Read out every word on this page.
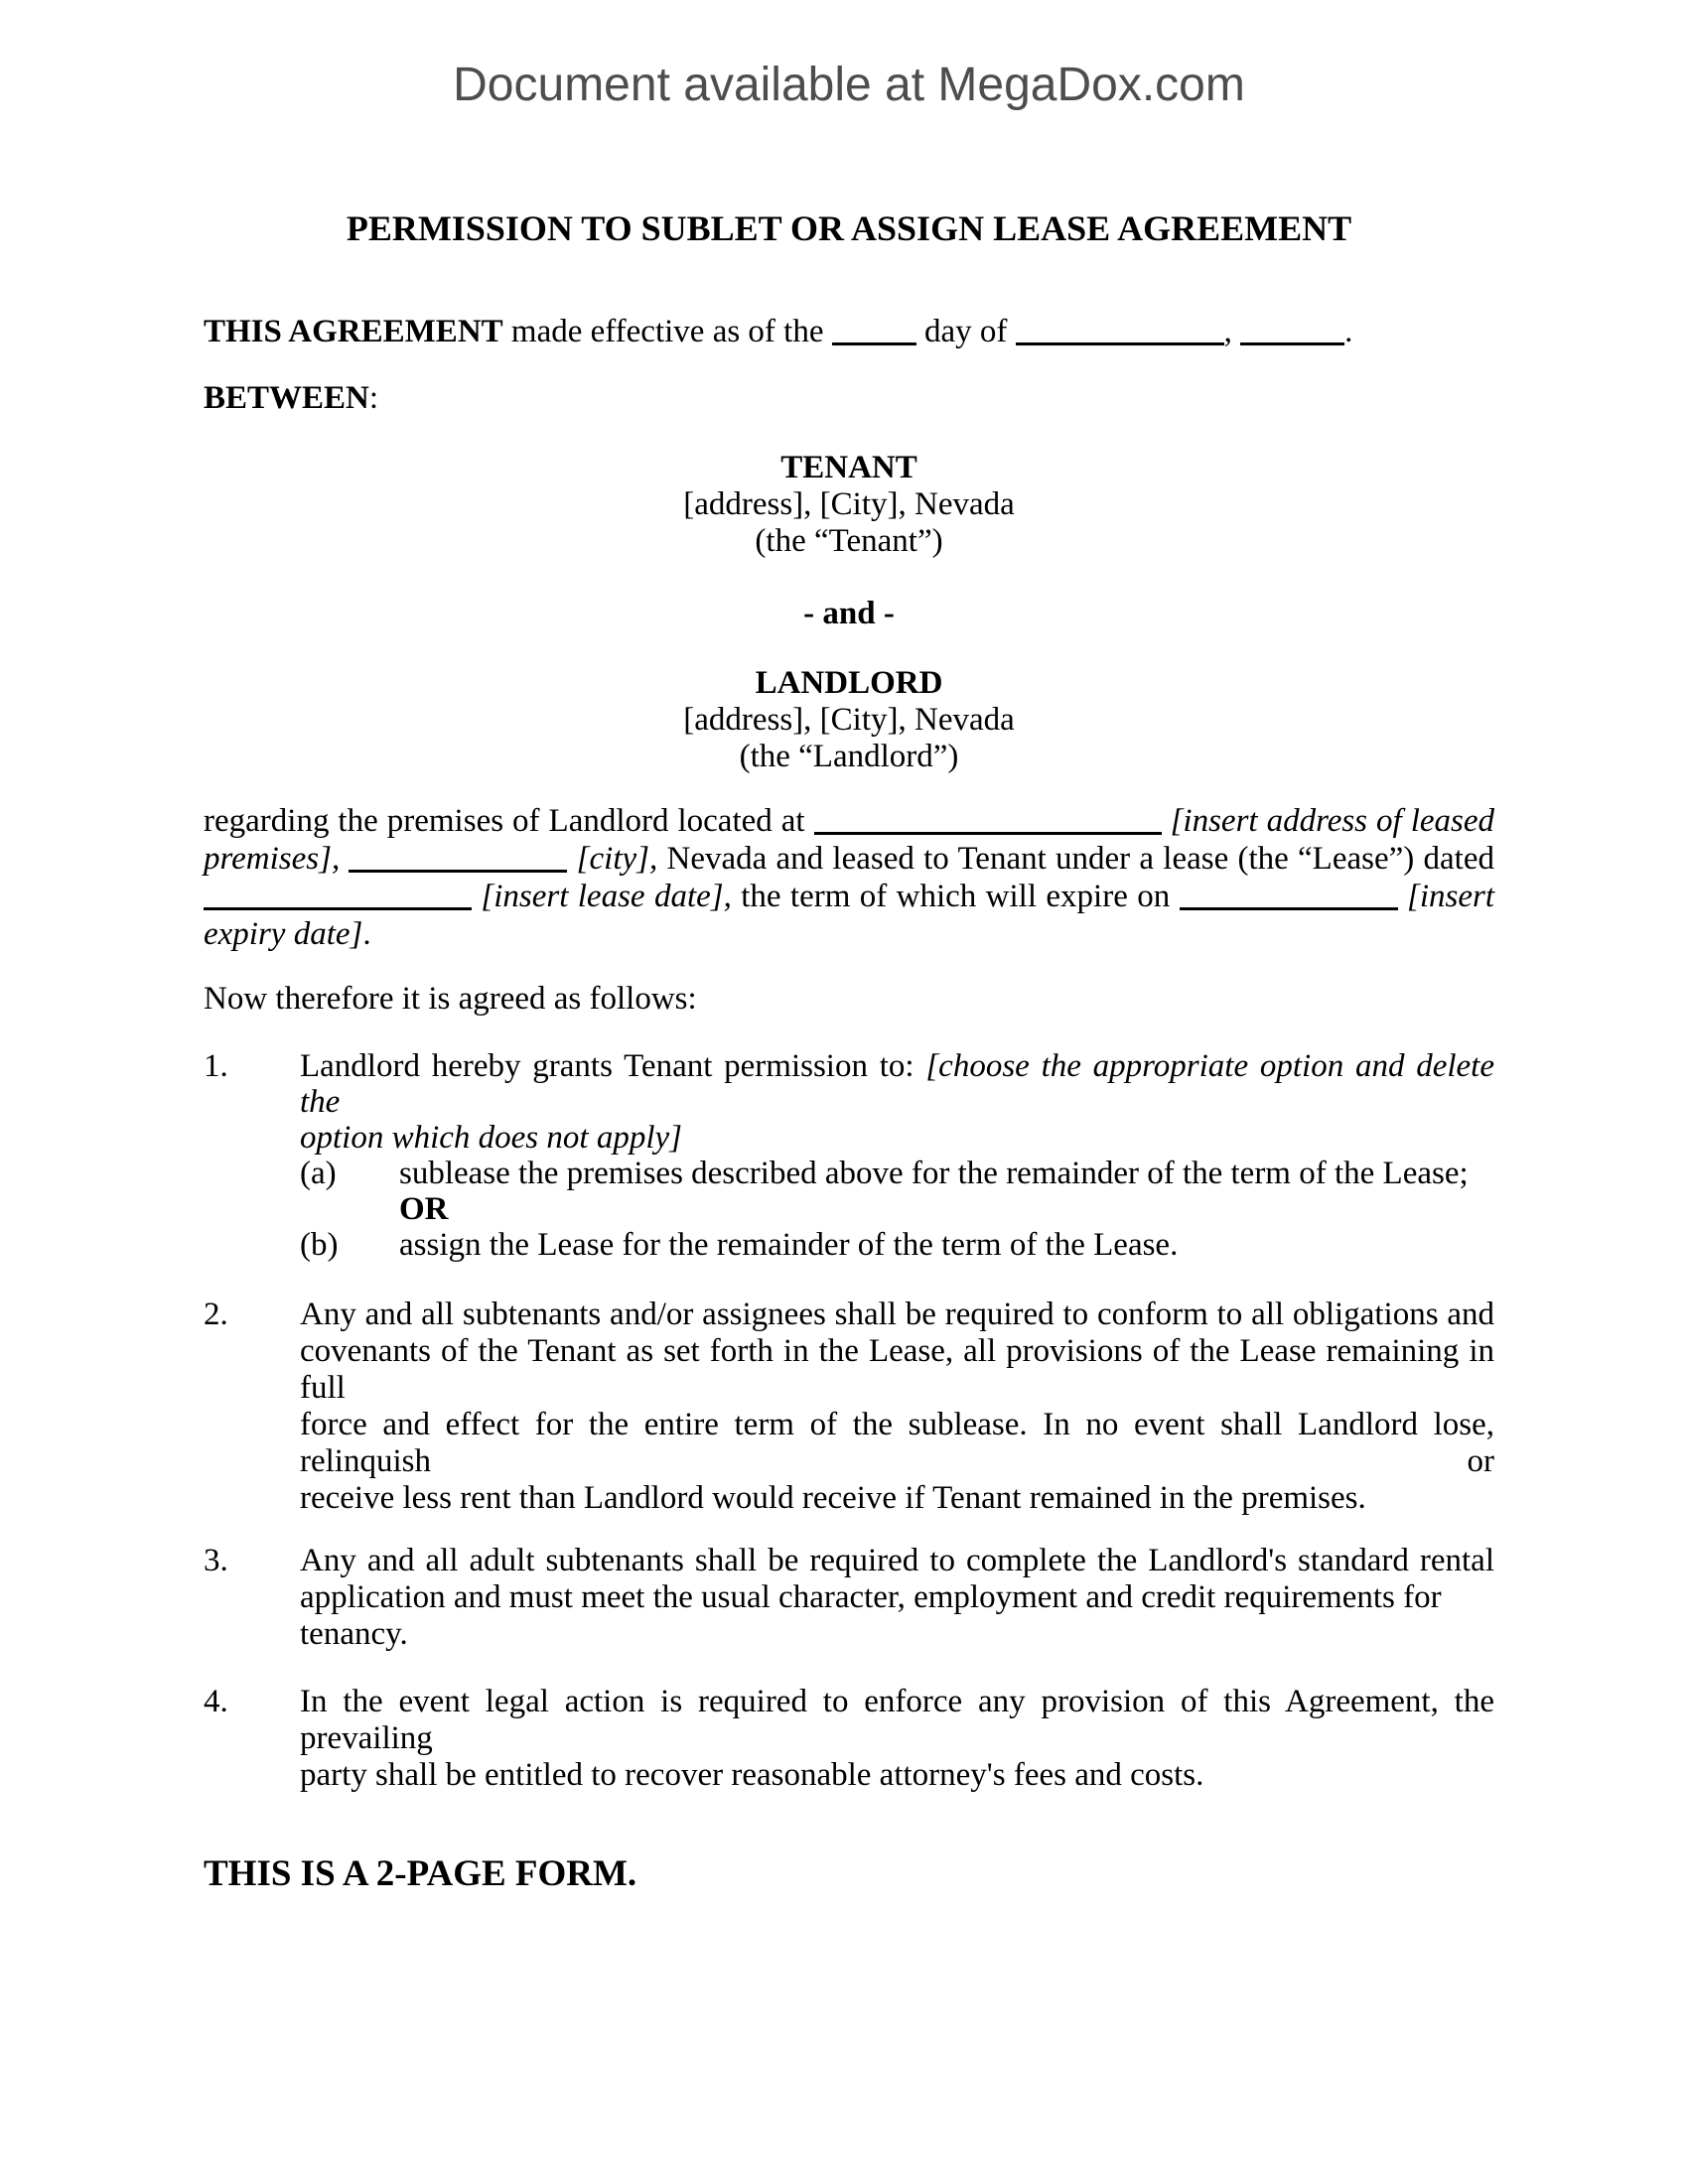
Document available at MegaDox.com
PERMISSION TO SUBLET OR ASSIGN LEASE AGREEMENT
THIS AGREEMENT made effective as of the	day of	,	.
BETWEEN:
TENANT
[address], [City], Nevada
(the “Tenant”)
- and -
LANDLORD
[address], [City], Nevada
(the “Landlord”)
regarding the premises of Landlord located at	[insert address of leased
premises],	[city], Nevada and leased to Tenant under a lease (the “Lease”) dated
[insert lease date], the term of which will expire on	[insert
expiry date].
Now therefore it is agreed as follows:
1.	Landlord hereby grants Tenant permission to: [choose the appropriate option and delete the
option which does not apply]
(a)	sublease the premises described above for the remainder of the term of the Lease; OR
(b)	assign the Lease for the remainder of the term of the Lease.
2.	Any and all subtenants and/or assignees shall be required to conform to all obligations and
covenants of the Tenant as set forth in the Lease, all provisions of the Lease remaining in full
force and effect for the entire term of the sublease. In no event shall Landlord lose, relinquish or
receive less rent than Landlord would receive if Tenant remained in the premises.
3.	Any and all adult subtenants shall be required to complete the Landlord's standard rental
application and must meet the usual character, employment and credit requirements for tenancy.
4.	In the event legal action is required to enforce any provision of this Agreement, the prevailing
party shall be entitled to recover reasonable attorney's fees and costs.
THIS IS A 2-PAGE FORM.
